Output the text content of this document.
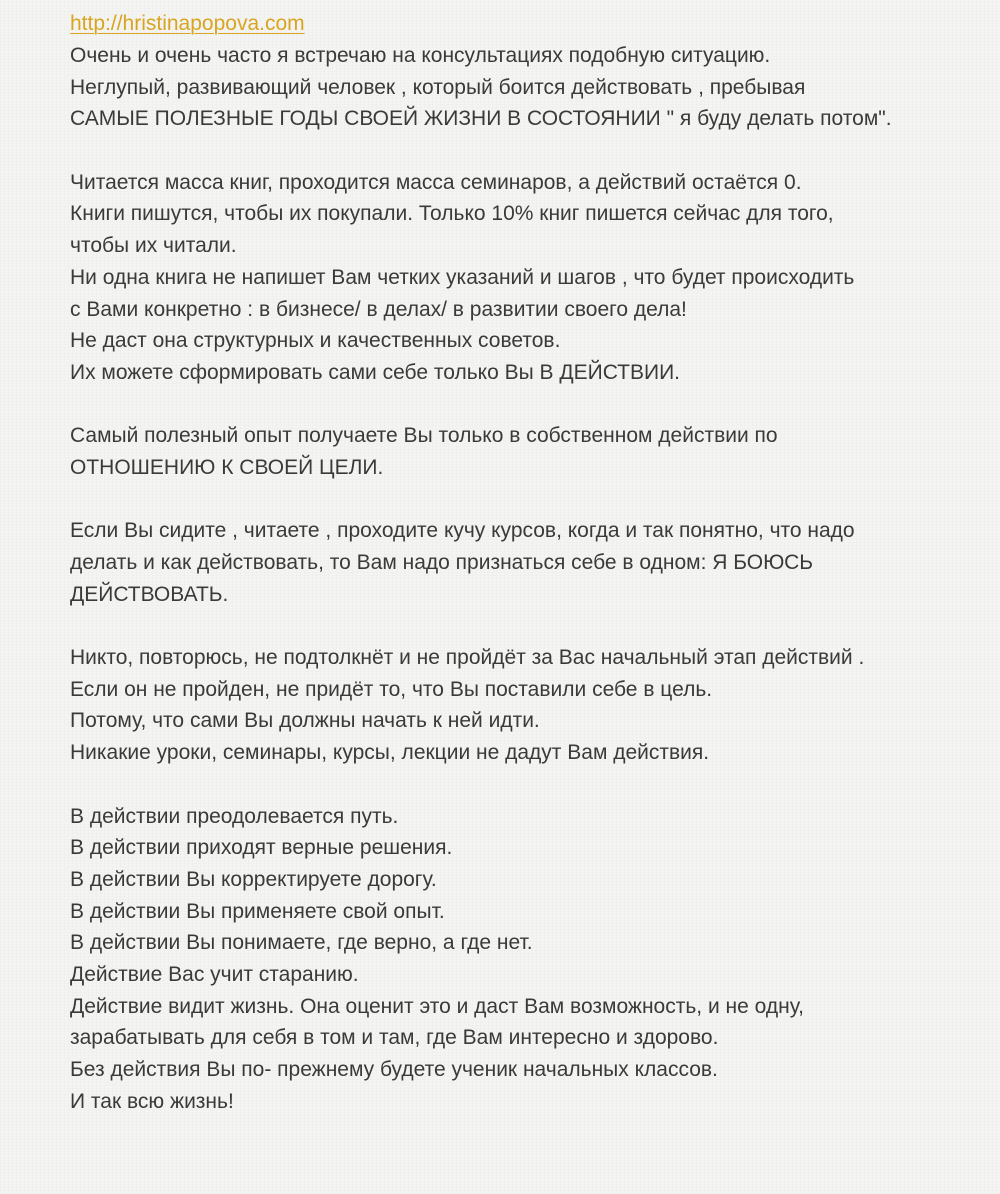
http://hristinapopova.com
Очень и очень часто я встречаю на консультациях подобную ситуацию.
Неглупый, развивающий человек , который боится действовать , пребывая
САМЫЕ ПОЛЕЗНЫЕ ГОДЫ СВОЕЙ ЖИЗНИ В СОСТОЯНИИ " я буду делать потом".
Читается масса книг, проходится масса семинаров, а действий остаётся 0.
Книги пишутся, чтобы их покупали. Только 10% книг пишется сейчас для того,
чтобы их читали.
Ни одна книга не напишет Вам четких указаний и шагов , что будет происходить
с Вами конкретно : в бизнесе/ в делах/ в развитии своего дела!
Не даст она структурных и качественных советов.
Их можете сформировать сами себе только Вы В ДЕЙСТВИИ.
Самый полезный опыт получаете Вы только в собственном действии по
ОТНОШЕНИЮ К СВОЕЙ ЦЕЛИ.
Если Вы сидите , читаете , проходите кучу курсов, когда и так понятно, что надо
делать и как действовать, то Вам надо признаться себе в одном: Я БОЮСЬ
ДЕЙСТВОВАТЬ.
Никто, повторюсь, не подтолкнёт и не пройдёт за Вас начальный этап действий .
Если он не пройден, не придёт то, что Вы поставили себе в цель.
Потому, что сами Вы должны начать к ней идти.
Никакие уроки, семинары, курсы, лекции не дадут Вам действия.
В действии преодолевается путь.
В действии приходят верные решения.
В действии Вы корректируете дорогу.
В действии Вы применяете свой опыт.
В действии Вы понимаете, где верно, а где нет.
Действие Вас учит старанию.
Действие видит жизнь. Она оценит это и даст Вам возможность, и не одну,
зарабатывать для себя в том и там, где Вам интересно и здорово.
Без действия Вы по- прежнему будете ученик начальных классов.
И так всю жизнь!
